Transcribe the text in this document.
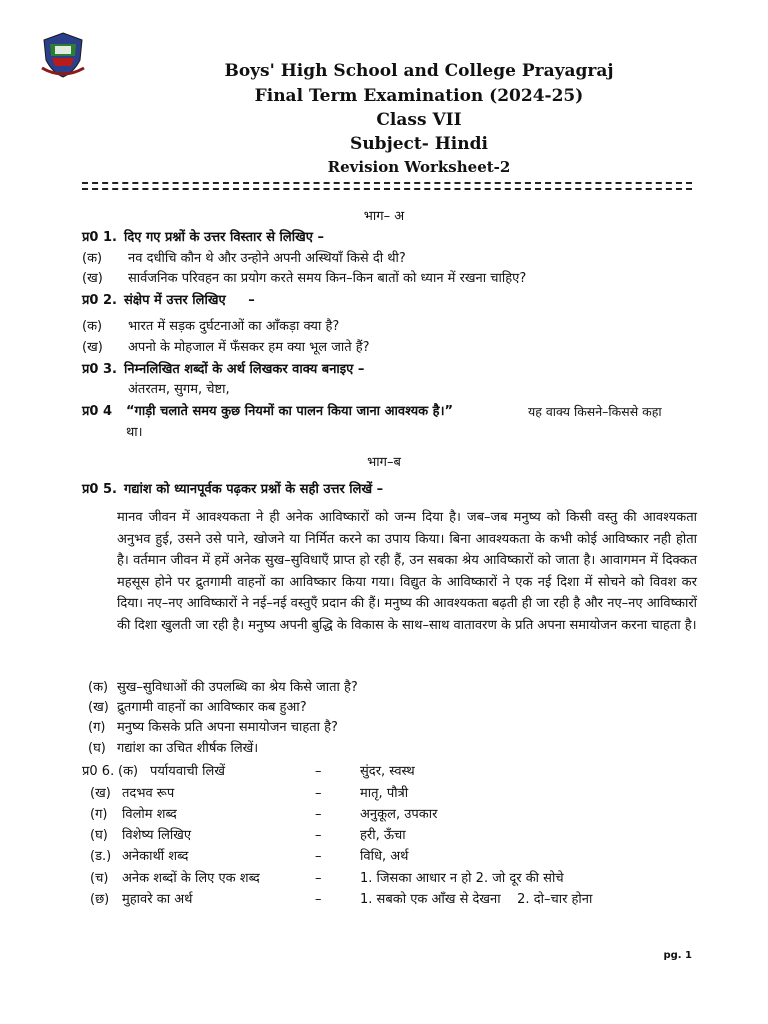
Boys' High School and College Prayagraj
Final Term Examination (2024-25)
Class VII
Subject- Hindi
Revision Worksheet-2
भाग– अ
प्र0 1. दिए गए प्रश्नों के उत्तर विस्तार से लिखिए –
(क) नव दधीचि कौन थे और उन्होने अपनी अस्थियाँ किसे दी थी?
(ख) सार्वजनिक परिवहन का प्रयोग करते समय किन–किन बातों को ध्यान में रखना चाहिए?
प्र0 2. संक्षेप में उत्तर लिखिए     –
(क) भारत में सड़क दुर्घटनाओं का आँकड़ा क्या है?
(ख) अपनो के मोहजाल में फँसकर हम क्या भूल जाते हैं?
प्र0 3. निम्नलिखित शब्दों के अर्थ लिखकर वाक्य बनाइए –
अंतरतम, सुगम, चेष्टा,
प्र0 4 “गाड़ी चलाते समय कुछ नियमों का पालन किया जाना आवश्यक है।”	यह वाक्य किसने–किससे कहा
था।
भाग–ब
प्र0 5. गद्यांश को ध्यानपूर्वक पढ़कर प्रश्नों के सही उत्तर लिखें –
मानव जीवन में आवश्यकता ने ही अनेक आविष्कारों को जन्म दिया है। जब–जब मनुष्य को किसी वस्तु की आवश्यकता अनुभव हुई, उसने उसे पाने, खोजने या निर्मित करने का उपाय किया। बिना आवश्यकता के कभी कोई आविष्कार नही होता है। वर्तमान जीवन में हमें अनेक सुख–सुविधाएँ प्राप्त हो रही हैं, उन सबका श्रेय आविष्कारों को जाता है। आवागमन में दिक्कत महसूस होने पर द्रुतगामी वाहनों का आविष्कार किया गया। विद्युत के आविष्कारों ने एक नई दिशा में सोचने को विवश कर दिया। नए–नए आविष्कारों ने नई–नई वस्तुएँ प्रदान की हैं। मनुष्य की आवश्यकता बढ़ती ही जा रही है और नए–नए आविष्कारों की दिशा खुलती जा रही है। मनुष्य अपनी बुद्धि के विकास के साथ–साथ वातावरण के प्रति अपना समायोजन करना चाहता है।
(क) सुख–सुविधाओं की उपलब्धि का श्रेय किसे जाता है?
(ख) द्रुतगामी वाहनों का आविष्कार कब हुआ?
(ग) मनुष्य किसके प्रति अपना समायोजन चाहता है?
(घ) गद्यांश का उचित शीर्षक लिखें।
प्र0 6. (क) पर्यायवाची लिखें	–	सुंदर, स्वस्थ
(ख) तदभव रूप	–	मातृ, पौत्री
(ग) विलोम शब्द	–	अनुकूल, उपकार
(घ) विशेष्य लिखिए	–	हरी, ऊँचा
(ड.) अनेकार्थी शब्द	–	विधि, अर्थ
(च) अनेक शब्दों के लिए एक शब्द	–	1. जिसका आधार न हो 2. जो दूर की सोचे
(छ) मुहावरे का अर्थ	–	1. सबको एक आँख से देखना    2. दो–चार होना
pg. 1
